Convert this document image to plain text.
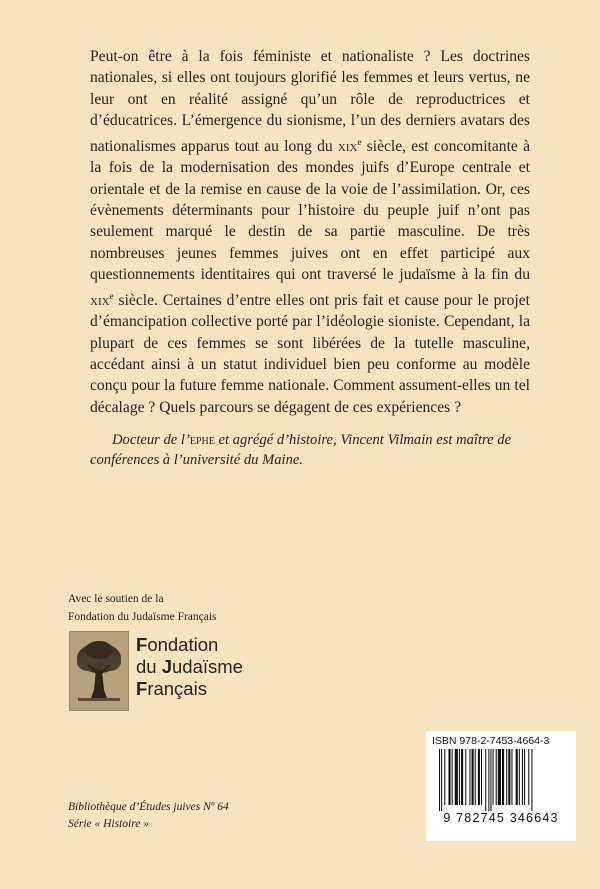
Peut-on être à la fois féministe et nationaliste ? Les doctrines nationales, si elles ont toujours glorifié les femmes et leurs vertus, ne leur ont en réalité assigné qu’un rôle de reproductrices et d’éducatrices. L’émergence du sionisme, l’un des derniers avatars des nationalismes apparus tout au long du xix$^e$ siècle, est concomitante à la fois de la modernisation des mondes juifs d’Europe centrale et orientale et de la remise en cause de la voie de l’assimilation. Or, ces évènements déterminants pour l’histoire du peuple juif n’ont pas seulement marqué le destin de sa partie masculine. De très nombreuses jeunes femmes juives ont en effet participé aux questionnements identitaires qui ont traversé le judaïsme à la fin du xix$^e$ siècle. Certaines d’entre elles ont pris fait et cause pour le projet d’émancipation collective porté par l’idéologie sioniste. Cependant, la plupart de ces femmes se sont libérées de la tutelle masculine, accédant ainsi à un statut individuel bien peu conforme au modèle conçu pour la future femme nationale. Comment assument-elles un tel décalage ? Quels parcours se dégagent de ces expériences ?

Docteur de l’ephe et agrégé d’histoire, Vincent Vilmain est maître de conférences à l’université du Maine.

Avec le soutien de la
Fondation du Judaïsme Français
Fondation
du Judaïsme
Français
Bibliothèque d’Études juives Nº 64
Série « Histoire »
ISBN 978-2-7453-4664-3
9 782745 346643
